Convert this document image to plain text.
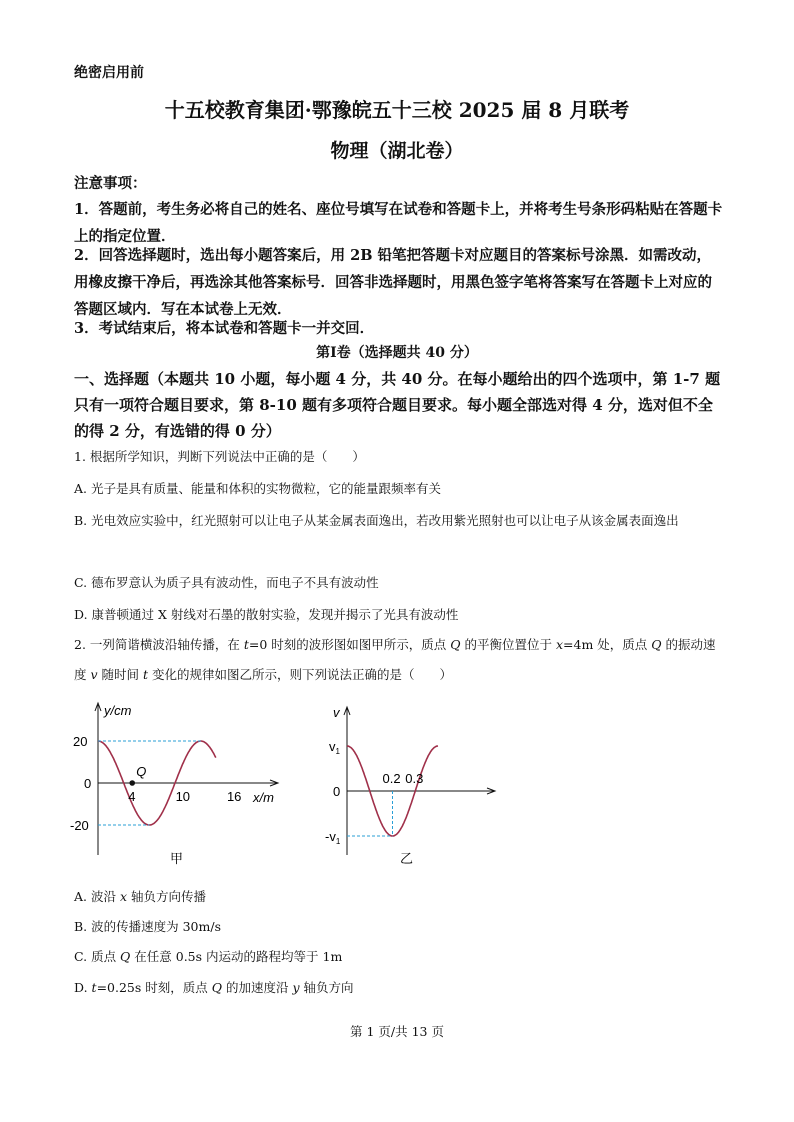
绝密启用前
十五校教育集团·鄂豫皖五十三校 2025 届 8 月联考
物理（湖北卷）
注意事项：
1．答题前，考生务必将自己的姓名、座位号填写在试卷和答题卡上，并将考生号条形码粘贴在答题卡上的指定位置．
2．回答选择题时，选出每小题答案后，用 2B 铅笔把答题卡对应题目的答案标号涂黑．如需改动，用橡皮擦干净后，再选涂其他答案标号．回答非选择题时，用黑色签字笔将答案写在答题卡上对应的答题区域内．写在本试卷上无效．
3．考试结束后，将本试卷和答题卡一并交回．
第Ⅰ卷（选择题共 40 分）
一、选择题（本题共 10 小题，每小题 4 分，共 40 分。在每小题给出的四个选项中，第 1-7 题只有一项符合题目要求，第 8-10 题有多项符合题目要求。每小题全部选对得 4 分，选对但不全的得 2 分，有选错的得 0 分）
1. 根据所学知识，判断下列说法中正确的是（　　）
A. 光子是具有质量、能量和体积的实物微粒，它的能量跟频率有关
B. 光电效应实验中，红光照射可以让电子从某金属表面逸出，若改用紫光照射也可以让电子从该金属表面逸出
C. 德布罗意认为质子具有波动性，而电子不具有波动性
D. 康普顿通过 X 射线对石墨的散射实验，发现并揭示了光具有波动性
2. 一列简谐横波沿轴传播，在 t=0 时刻的波形图如图甲所示，质点 Q 的平衡位置位于 x=4m 处，质点 Q 的振动速度 v 随时间 t 变化的规律如图乙所示，则下列说法正确的是（　　）
y/cm
x/m
20
0
-20
4	10	16
Q
甲
v
$v_1$
0
$-v_1$
0.2 0.3
乙
A. 波沿 x 轴负方向传播
B. 波的传播速度为 30m/s
C. 质点 Q 在任意 0.5s 内运动的路程均等于 1m
D. t=0.25s 时刻，质点 Q 的加速度沿 y 轴负方向
第 1 页/共 13 页
